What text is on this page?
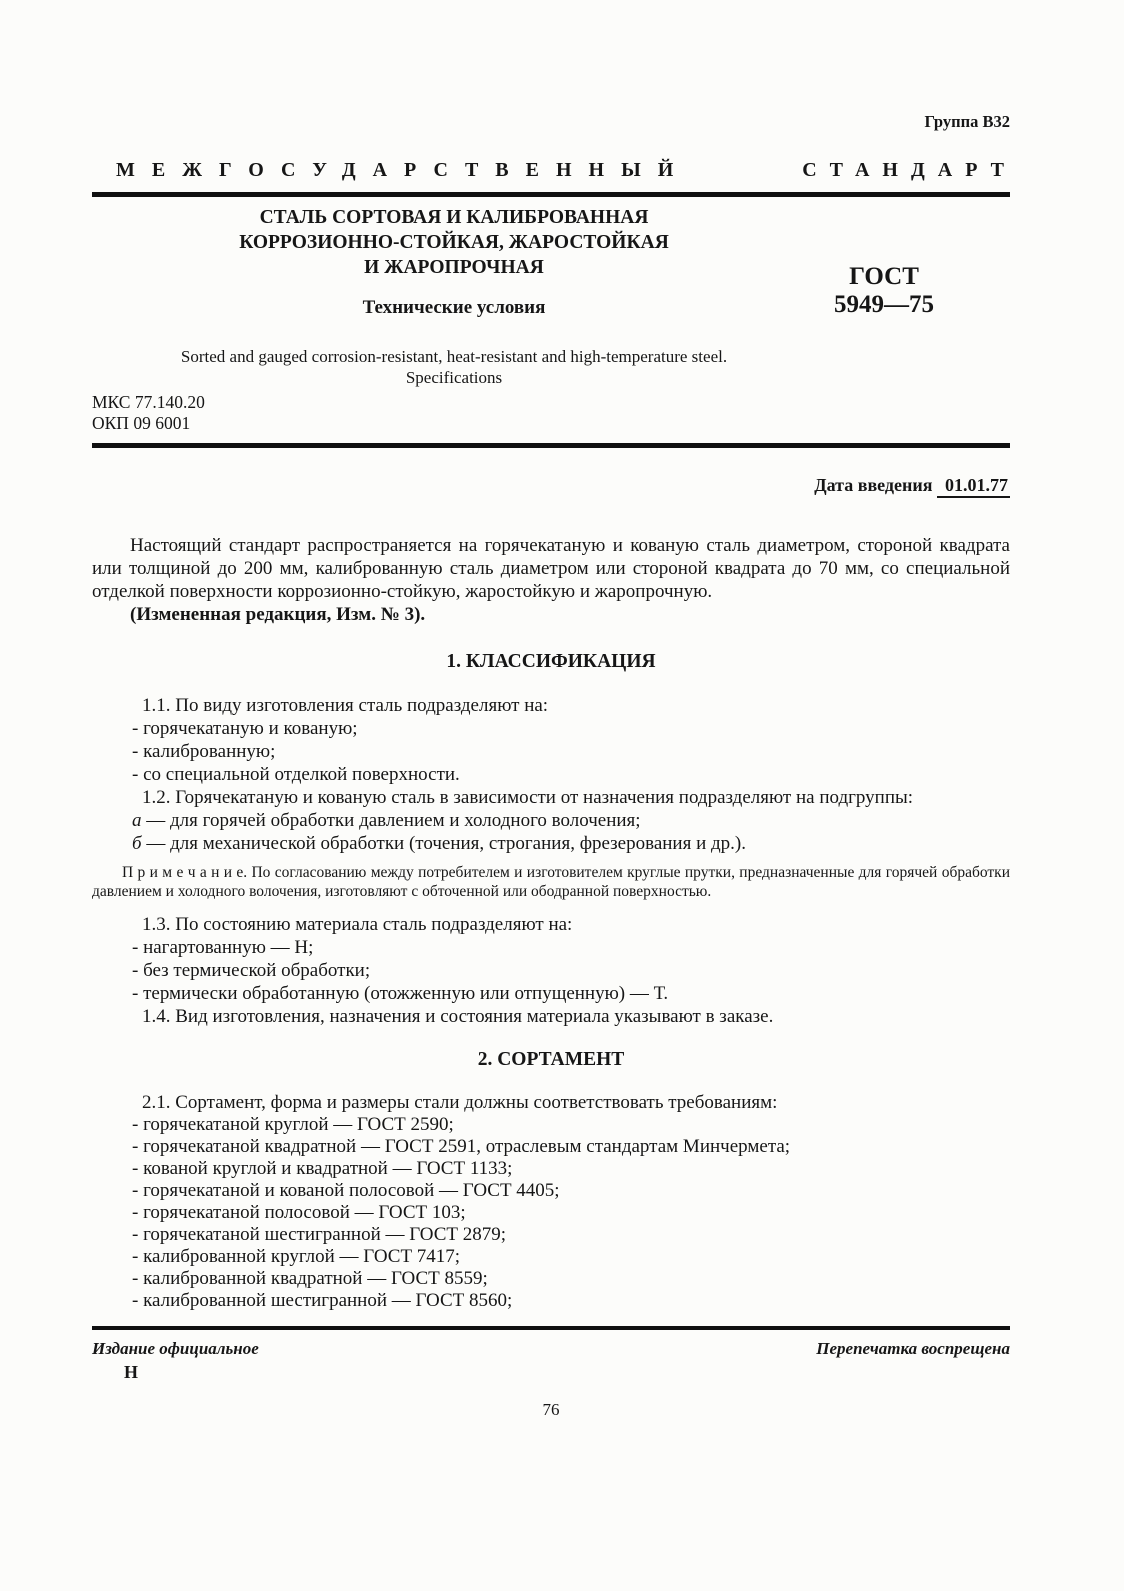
Группа В32
МЕЖГОСУДАРСТВЕННЫЙ	СТАНДАРТ
СТАЛЬ СОРТОВАЯ И КАЛИБРОВАННАЯ
КОРРОЗИОННО-СТОЙКАЯ, ЖАРОСТОЙКАЯ
И ЖАРОПРОЧНАЯ
Технические условия
Sorted and gauged corrosion-resistant, heat-resistant and high-temperature steel.
Specifications
ГОСТ
5949—75
МКС 77.140.20
ОКП 09 6001
Дата введения 01.01.77

Настоящий стандарт распространяется на горячекатаную и кованую сталь диаметром, стороной квадрата или толщиной до 200 мм, калиброванную сталь диаметром или стороной квадрата до 70 мм, со специальной отделкой поверхности коррозионно-стойкую, жаростойкую и жаропрочную.

(Измененная редакция, Изм. № 3).

1. КЛАССИФИКАЦИЯ

1.1. По виду изготовления сталь подразделяют на:

- горячекатаную и кованую;

- калиброванную;

- со специальной отделкой поверхности.

1.2. Горячекатаную и кованую сталь в зависимости от назначения подразделяют на подгруппы:

а — для горячей обработки давлением и холодного волочения;

б — для механической обработки (точения, строгания, фрезерования и др.).

П р и м е ч а н и е. По согласованию между потребителем и изготовителем круглые прутки, предназначенные для горячей обработки давлением и холодного волочения, изготовляют с обточенной или ободранной поверхностью.

1.3. По состоянию материала сталь подразделяют на:

- нагартованную — Н;

- без термической обработки;

- термически обработанную (отожженную или отпущенную) — Т.

1.4. Вид изготовления, назначения и состояния материала указывают в заказе.

2. СОРТАМЕНТ

2.1. Сортамент, форма и размеры стали должны соответствовать требованиям:

- горячекатаной круглой — ГОСТ 2590;

- горячекатаной квадратной — ГОСТ 2591, отраслевым стандартам Минчермета;

- кованой круглой и квадратной — ГОСТ 1133;

- горячекатаной и кованой полосовой — ГОСТ 4405;

- горячекатаной полосовой — ГОСТ 103;

- горячекатаной шестигранной — ГОСТ 2879;

- калиброванной круглой — ГОСТ 7417;

- калиброванной квадратной — ГОСТ 8559;

- калиброванной шестигранной — ГОСТ 8560;

Издание официальное	Перепечатка воспрещена
Н
76
